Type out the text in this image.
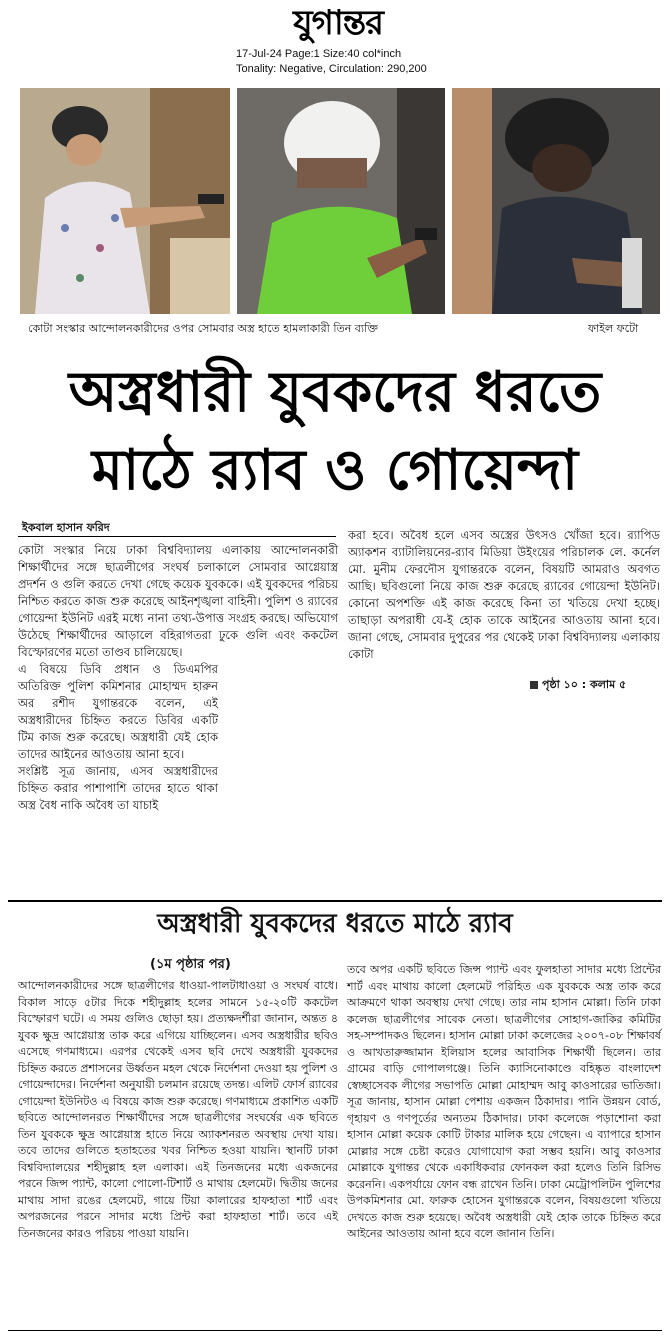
যুগান্তর
17-Jul-24 Page:1 Size:40 col*inch
Tonality: Negative, Circulation: 290,200
কোটা সংস্কার আন্দোলনকারীদের ওপর সোমবার অস্ত্র হাতে হামলাকারী তিন ব্যক্তি	ফাইল ফটো
অস্ত্রধারী যুবকদের ধরতে
মাঠে র‍্যাব ও গোয়েন্দা
ইকবাল হাসান ফরিদ

কোটা সংস্কার নিয়ে ঢাকা বিশ্ববিদ্যালয় এলাকায় আন্দোলনকারী শিক্ষার্থীদের সঙ্গে ছাত্রলীগের সংঘর্ষ চলাকালে সোমবার আগ্নেয়াস্ত্র প্রদর্শন ও গুলি করতে দেখা গেছে কয়েক যুবককে। এই যুবকদের পরিচয় নিশ্চিত করতে কাজ শুরু করেছে আইনশৃঙ্খলা বাহিনী। পুলিশ ও র‍্যাবের গোয়েন্দা ইউনিট এরই মধ্যে নানা তথ্য-উপাত্ত সংগ্রহ করছে। অভিযোগ উঠেছে শিক্ষার্থীদের আড়ালে বহিরাগতরা ঢুকে গুলি এবং ককটেল বিস্ফোরণের মতো তাণ্ডব চালিয়েছে।

এ বিষয়ে ডিবি প্রধান ও ডিএমপির অতিরিক্ত পুলিশ কমিশনার মোহাম্মদ হারুন অর রশীদ যুগান্তরকে বলেন, এই অস্ত্রধারীদের চিহ্নিত করতে ডিবির একটি টিম কাজ শুরু করেছে। অস্ত্রধারী যেই হোক তাদের আইনের আওতায় আনা হবে।

সংশ্লিষ্ট সূত্র জানায়, এসব অস্ত্রধারীদের চিহ্নিত করার পাশাপাশি তাদের হাতে থাকা অস্ত্র বৈধ নাকি অবৈধ তা যাচাই

করা হবে। অবৈধ হলে এসব অস্ত্রের উৎসও খোঁজা হবে। র‍্যাপিড অ্যাকশন ব্যাটালিয়নের-র‍্যাব মিডিয়া উইংয়ের পরিচালক লে. কর্নেল মো. মুনীম ফেরদৌস যুগান্তরকে বলেন, বিষয়টি আমরাও অবগত আছি। ছবিগুলো নিয়ে কাজ শুরু করেছে র‍্যাবের গোয়েন্দা ইউনিট। কোনো অপশক্তি এই কাজ করেছে কিনা তা খতিয়ে দেখা হচ্ছে। তাছাড়া অপরাধী যে-ই হোক তাকে আইনের আওতায় আনা হবে। জানা গেছে, সোমবার দুপুরের পর থেকেই ঢাকা বিশ্ববিদ্যালয় এলাকায় কোটা

পৃষ্ঠা ১০ : কলাম ৫
অস্ত্রধারী যুবকদের ধরতে মাঠে র‍্যাব
(১ম পৃষ্ঠার পর)
আন্দোলনকারীদের সঙ্গে ছাত্রলীগের ধাওয়া-পালটাধাওয়া ও সংঘর্ষ বাধে। বিকাল সাড়ে ৫টার দিকে শহীদুল্লাহ হলের সামনে ১৫-২০টি ককটেল বিস্ফোরণ ঘটে। এ সময় গুলিও ছোড়া হয়। প্রত্যক্ষদর্শীরা জানান, অন্তত ৪ যুবক ক্ষুদ্র আগ্নেয়াস্ত্র তাক করে এগিয়ে যাচ্ছিলেন। এসব অস্ত্রধারীর ছবিও এসেছে গণমাধ্যমে। এরপর থেকেই এসব ছবি দেখে অস্ত্রধারী যুবকদের চিহ্নিত করতে প্রশাসনের উর্ধ্বতন মহল থেকে নির্দেশনা দেওয়া হয় পুলিশ ও গোয়েন্দাদের। নির্দেশনা অনুযায়ী চলমান রয়েছে তদন্ত। এলিট ফোর্স র‍্যাবের গোয়েন্দা ইউনিটও এ বিষয়ে কাজ শুরু করেছে। গণমাধ্যমে প্রকাশিত একটি ছবিতে আন্দোলনরত শিক্ষার্থীদের সঙ্গে ছাত্রলীগের সংঘর্ষের এক ছবিতে তিন যুবককে ক্ষুদ্র আগ্নেয়াস্ত্র হাতে নিয়ে অ্যাকশনরত অবস্থায় দেখা যায়। তবে তাদের গুলিতে হতাহতের খবর নিশ্চিত হওয়া যায়নি। স্থানটি ঢাকা বিশ্ববিদ্যালয়ের শহীদুল্লাহ হল এলাকা। এই তিনজনের মধ্যে একজনের পরনে জিন্স প্যান্ট, কালো পোলো-টিশার্ট ও মাথায় হেলমেট। দ্বিতীয় জনের মাথায় সাদা রঙের হেলমেট, গায়ে টিয়া কালারের হাফহাতা শার্ট এবং অপরজনের পরনে সাদার মধ্যে প্রিন্ট করা হাফহাতা শার্ট। তবে এই তিনজনের কারও পরিচয় পাওয়া যায়নি।
তবে অপর একটি ছবিতে জিন্স প্যান্ট এবং ফুলহাতা সাদার মধ্যে প্রিন্টের শার্ট এবং মাথায় কালো হেলমেট পরিহিত এক যুবককে অস্ত্র তাক করে আক্রমণে থাকা অবস্থায় দেখা গেছে। তার নাম হাসান মোল্লা। তিনি ঢাকা কলেজ ছাত্রলীগের সাবেক নেতা। ছাত্রলীগের সোহাগ-জাকির কমিটির সহ-সম্পাদকও ছিলেন। হাসান মোল্লা ঢাকা কলেজের ২০০৭-০৮ শিক্ষাবর্ষ ও আখতারুজ্জামান ইলিয়াস হলের আবাসিক শিক্ষার্থী ছিলেন। তার গ্রামের বাড়ি গোপালগঞ্জে। তিনি ক্যাসিনোকাণ্ডে বহিষ্কৃত বাংলাদেশ স্বেচ্ছাসেবক লীগের সভাপতি মোল্লা মোহাম্মদ আবু কাওসারের ভাতিজা। সূত্র জানায়, হাসান মোল্লা পেশায় একজন ঠিকাদার। পানি উন্নয়ন বোর্ড, গৃহায়ণ ও গণপূর্তের অন্যতম ঠিকাদার। ঢাকা কলেজে পড়াশোনা করা হাসান মোল্লা কয়েক কোটি টাকার মালিক হয়ে গেছেন। এ ব্যাপারে হাসান মোল্লার সঙ্গে চেষ্টা করেও যোগাযোগ করা সম্ভব হয়নি। আবু কাওসার মোল্লাকে যুগান্তর থেকে একাধিকবার ফোনকল করা হলেও তিনি রিসিভ করেননি। একপর্যায়ে ফোন বন্ধ রাখেন তিনি। ঢাকা মেট্রোপলিটন পুলিশের উপকমিশনার মো. ফারুক হোসেন যুগান্তরকে বলেন, বিষয়গুলো খতিয়ে দেখতে কাজ শুরু হয়েছে। অবৈধ অস্ত্রধারী যেই হোক তাকে চিহ্নিত করে আইনের আওতায় আনা হবে বলে জানান তিনি।
